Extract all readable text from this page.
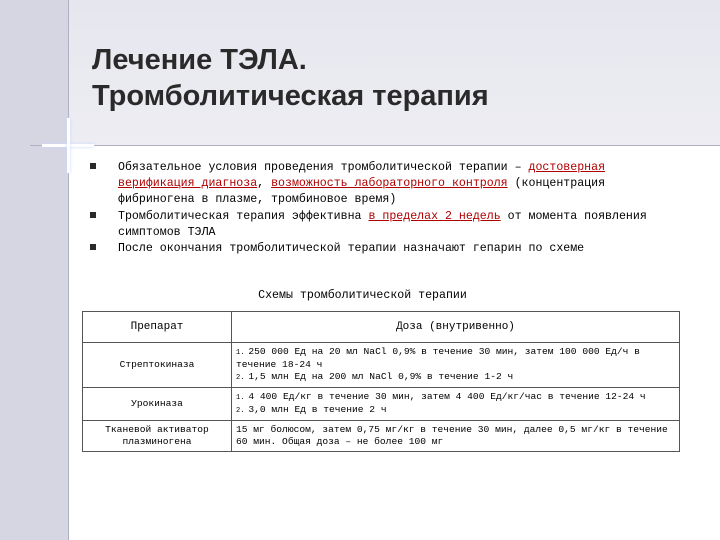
Лечение ТЭЛА.
Тромболитическая терапия
Обязательное условия проведения тромболитической терапии – достоверная верификация диагноза, возможность лабораторного контроля (концентрация фибриногена в плазме, тромбиновое время)
Тромболитическая терапия эффективна в пределах 2 недель от момента появления симптомов ТЭЛА
После окончания тромболитической терапии назначают гепарин по схеме
Схемы тромболитической терапии
Препарат	Доза (внутривенно)
Стрептокиназа	1. 250 000 Ед на 20 мл NaCl 0,9% в течение 30 мин, затем 100 000 Ед/ч в течение 18-24 ч
2. 1,5 млн Ед на 200 мл NaCl 0,9% в течение 1-2 ч

Урокиназа	1. 4 400 Ед/кг в течение 30 мин, затем 4 400 Ед/кг/час в течение 12-24 ч
2. 3,0 млн Ед в течение 2 ч

Тканевой активатор плазминогена	15 мг болюсом, затем 0,75 мг/кг в течение 30 мин, далее 0,5 мг/кг в течение 60 мин. Общая доза – не более 100 мг
